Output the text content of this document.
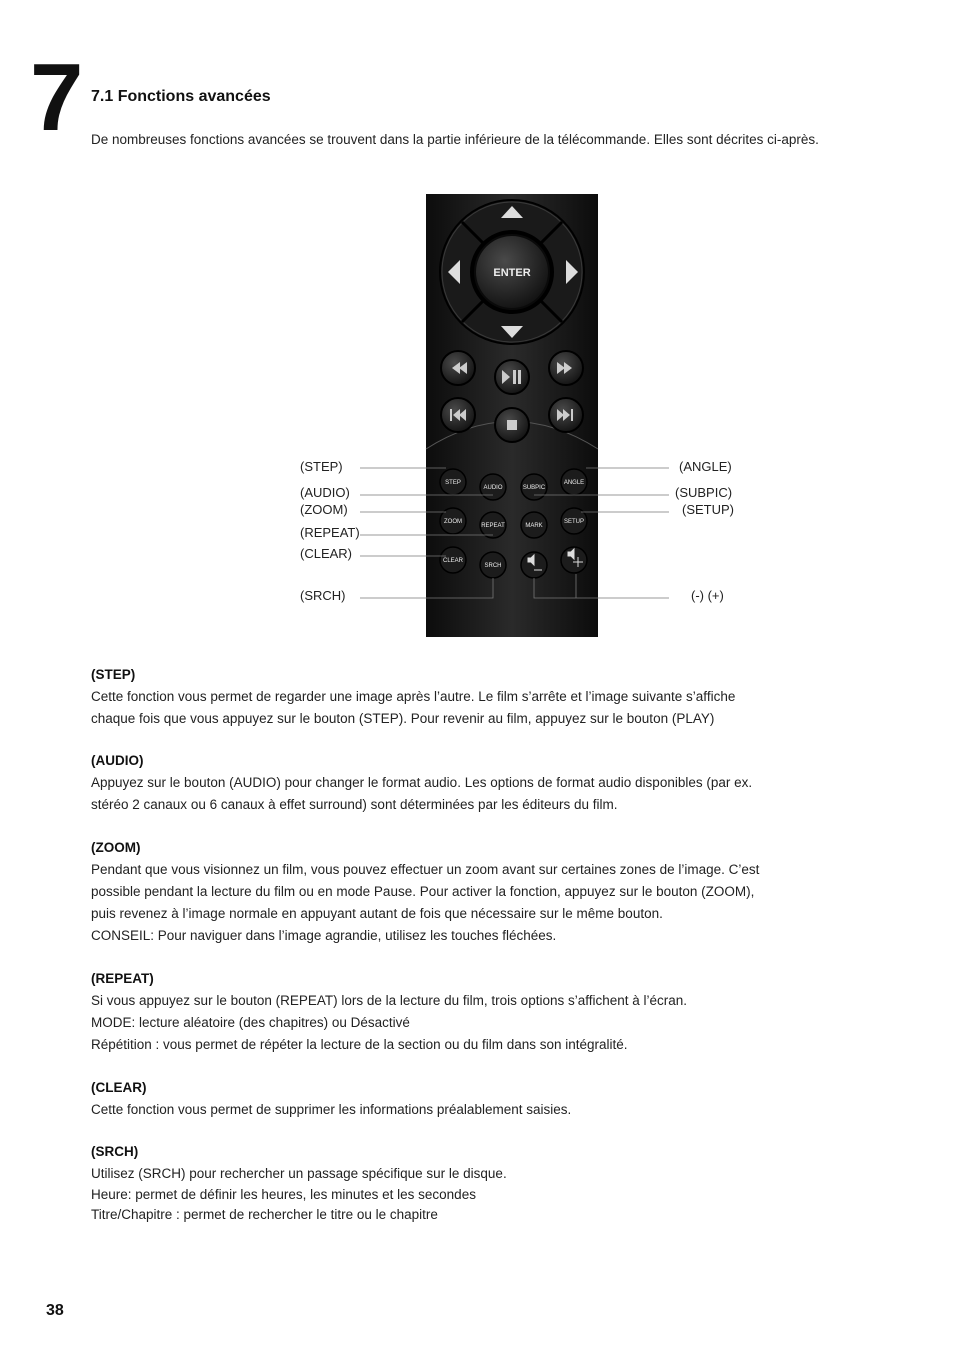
7 7.1 Fonctions avancées
De nombreuses fonctions avancées se trouvent dans la partie inférieure de la télécommande. Elles sont décrites ci-après.
ENTER
STEP
AUDIO	SUBPIC
ANGLE
ZOOM
REPEAT	MARK
SETUP
CLEAR
SRCH
(STEP)
(AUDIO)
(ZOOM)
(REPEAT)
(CLEAR)
(SRCH)
(ANGLE)
(SUBPIC)
(SETUP)
(-) (+)
(STEP)

Cette fonction vous permet de regarder une image après l’autre. Le film s’arrête et l’image suivante s’affiche

chaque fois que vous appuyez sur le bouton (STEP). Pour revenir au film, appuyez sur le bouton (PLAY)

(AUDIO)

Appuyez sur le bouton (AUDIO) pour changer le format audio. Les options de format audio disponibles (par ex.

stéréo 2 canaux ou 6 canaux à effet surround) sont déterminées par les éditeurs du film.

(ZOOM)

Pendant que vous visionnez un film, vous pouvez effectuer un zoom avant sur certaines zones de l’image. C’est

possible pendant la lecture du film ou en mode Pause. Pour activer la fonction, appuyez sur le bouton (ZOOM),

puis revenez à l’image normale en appuyant autant de fois que nécessaire sur le même bouton.

CONSEIL: Pour naviguer dans l’image agrandie, utilisez les touches fléchées.

(REPEAT)

Si vous appuyez sur le bouton (REPEAT) lors de la lecture du film, trois options s’affichent à l’écran.

MODE: lecture aléatoire (des chapitres) ou Désactivé

Répétition : vous permet de répéter la lecture de la section ou du film dans son intégralité.

(CLEAR)

Cette fonction vous permet de supprimer les informations préalablement saisies.

(SRCH)

Utilisez (SRCH) pour rechercher un passage spécifique sur le disque.

Heure: permet de définir les heures, les minutes et les secondes

Titre/Chapitre : permet de rechercher le titre ou le chapitre

38
